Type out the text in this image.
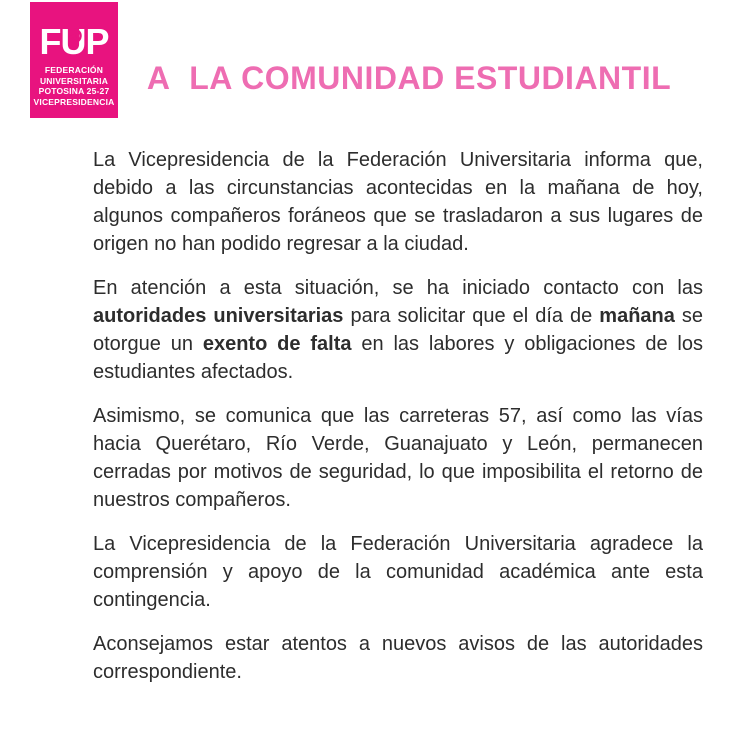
FUP
FEDERACIÓN
UNIVERSITARIA
POTOSINA 25-27
VICEPRESIDENCIA
A  LA COMUNIDAD ESTUDIANTIL

La Vicepresidencia de la Federación Universitaria informa que, debido a las circunstancias acontecidas en la mañana de hoy, algunos compañeros foráneos que se trasladaron a sus lugares de origen no han podido regresar a la ciudad.

En atención a esta situación, se ha iniciado contacto con las autoridades universitarias para solicitar que el día de mañana se otorgue un exento de falta en las labores y obligaciones de los estudiantes afectados.

Asimismo, se comunica que las carreteras 57, así como las vías hacia Querétaro, Río Verde, Guanajuato y León, permanecen cerradas por motivos de seguridad, lo que imposibilita el retorno de nuestros compañeros.

La Vicepresidencia de la Federación Universitaria agradece la comprensión y apoyo de la comunidad académica ante esta contingencia.

Aconsejamos estar atentos a nuevos avisos de las autoridades correspondiente.
